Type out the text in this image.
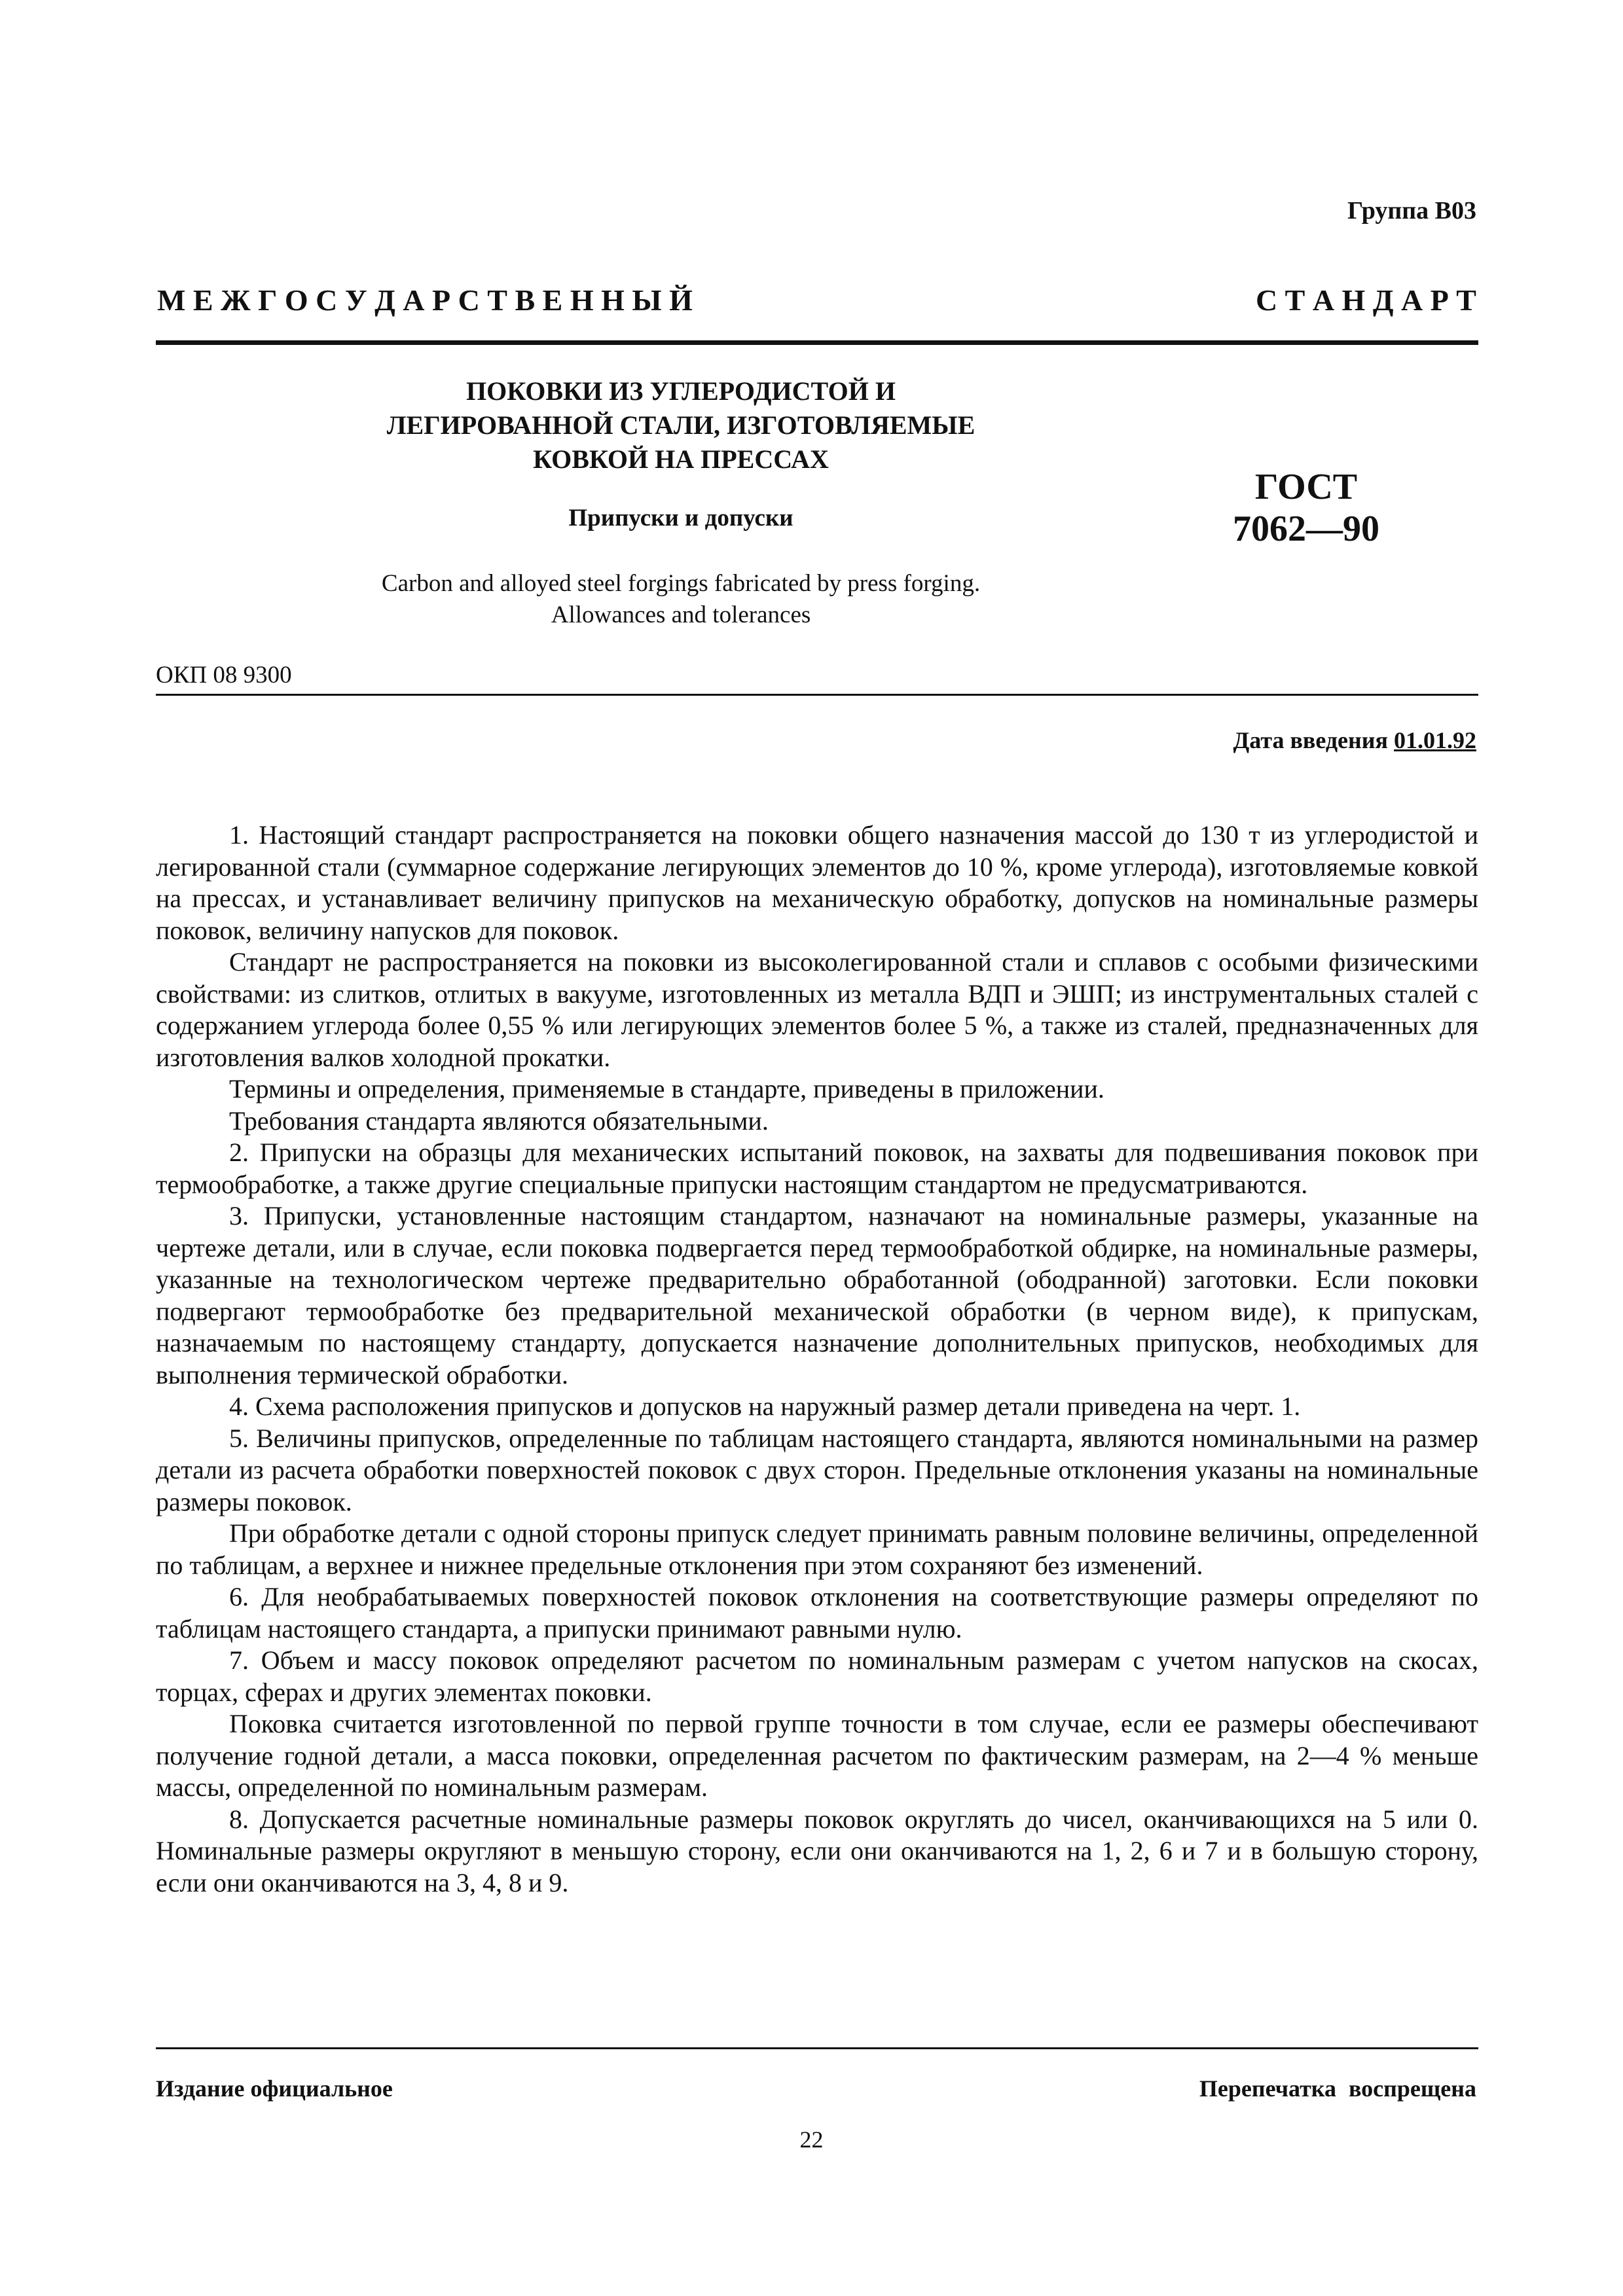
Группа В03
М Е Ж Г О С У Д А Р С Т В Е Н Н Ы Й	С Т А Н Д А Р Т
ПОКОВКИ ИЗ УГЛЕРОДИСТОЙ И
ЛЕГИРОВАННОЙ СТАЛИ, ИЗГОТОВЛЯЕМЫЕ
КОВКОЙ НА ПРЕССАХ
Припуски и допуски
ГОСТ
7062—90
Carbon and alloyed steel forgings fabricated by press forging.
Allowances and tolerances
ОКП 08 9300
Дата введения 01.01.92

1. Настоящий стандарт распространяется на поковки общего назначения массой до 130 т из углеродистой и легированной стали (суммарное содержание легирующих элементов до 10 %, кроме углерода), изготовляемые ковкой на прессах, и устанавливает величину припусков на механическую обработку, допусков на номинальные размеры поковок, величину напусков для поковок.

Стандарт не распространяется на поковки из высоколегированной стали и сплавов с особыми физическими свойствами: из слитков, отлитых в вакууме, изготовленных из металла ВДП и ЭШП; из инструментальных сталей с содержанием углерода более 0,55 % или легирующих элементов более 5 %, а также из сталей, предназначенных для изготовления валков холодной прокатки.

Термины и определения, применяемые в стандарте, приведены в приложении.

Требования стандарта являются обязательными.

2. Припуски на образцы для механических испытаний поковок, на захваты для подвешивания поковок при термообработке, а также другие специальные припуски настоящим стандартом не предусматриваются.

3. Припуски, установленные настоящим стандартом, назначают на номинальные размеры, указанные на чертеже детали, или в случае, если поковка подвергается перед термообработкой обдирке, на номинальные размеры, указанные на технологическом чертеже предварительно обработанной (ободранной) заготовки. Если поковки подвергают термообработке без предварительной механической обработки (в черном виде), к припускам, назначаемым по настоящему стандарту, допускается назначение дополнительных припусков, необходимых для выполнения термической обработки.

4. Схема расположения припусков и допусков на наружный размер детали приведена на черт. 1.

5. Величины припусков, определенные по таблицам настоящего стандарта, являются номинальными на размер детали из расчета обработки поверхностей поковок с двух сторон. Предельные отклонения указаны на номинальные размеры поковок.

При обработке детали с одной стороны припуск следует принимать равным половине величины, определенной по таблицам, а верхнее и нижнее предельные отклонения при этом сохраняют без изменений.

6. Для необрабатываемых поверхностей поковок отклонения на соответствующие размеры определяют по таблицам настоящего стандарта, а припуски принимают равными нулю.

7. Объем и массу поковок определяют расчетом по номинальным размерам с учетом напусков на скосах, торцах, сферах и других элементах поковки.

Поковка считается изготовленной по первой группе точности в том случае, если ее размеры обеспечивают получение годной детали, а масса поковки, определенная расчетом по фактическим размерам, на 2—4 % меньше массы, определенной по номинальным размерам.

8. Допускается расчетные номинальные размеры поковок округлять до чисел, оканчивающихся на 5 или 0. Номинальные размеры округляют в меньшую сторону, если они оканчиваются на 1, 2, 6 и 7 и в большую сторону, если они оканчиваются на 3, 4, 8 и 9.

Издание официальное	Перепечатка воспрещена
22
